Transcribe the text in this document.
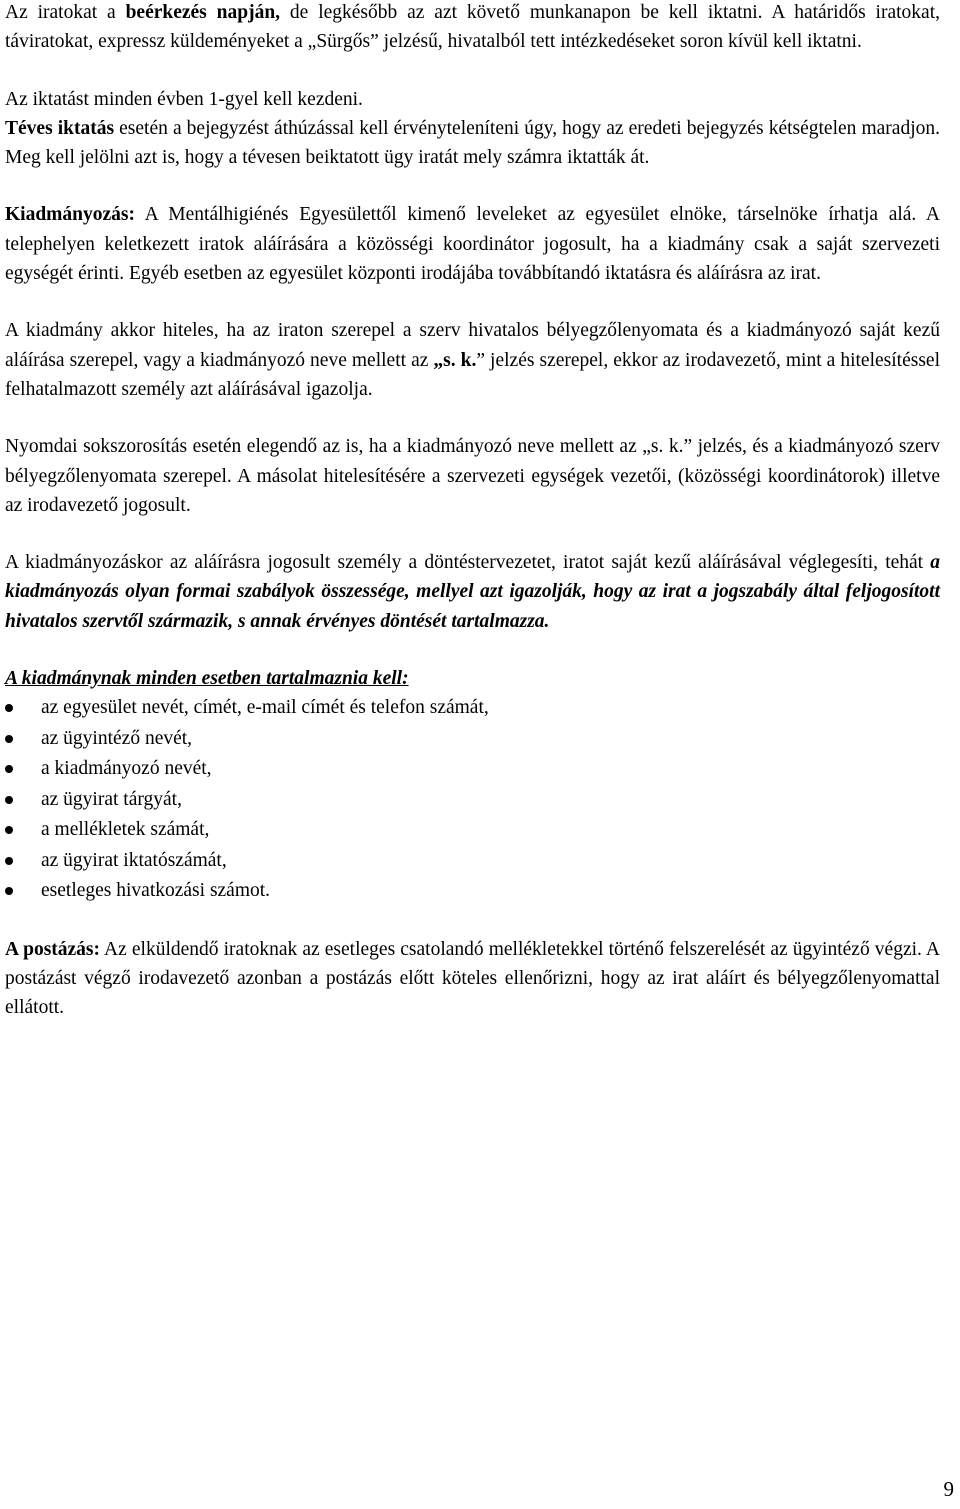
Az iratokat a beérkezés napján, de legkésőbb az azt követő munkanapon be kell iktatni. A határidős iratokat, táviratokat, expressz küldeményeket a „Sürgős” jelzésű, hivatalból tett intézkedéseket soron kívül kell iktatni.

Az iktatást minden évben 1-gyel kell kezdeni.
Téves iktatás esetén a bejegyzést áthúzással kell érvényteleníteni úgy, hogy az eredeti bejegyzés kétségtelen maradjon. Meg kell jelölni azt is, hogy a tévesen beiktatott ügy iratát mely számra iktatták át.

Kiadmányozás: A Mentálhigiénés Egyesülettől kimenő leveleket az egyesület elnöke, társelnöke írhatja alá. A telephelyen keletkezett iratok aláírására a közösségi koordinátor jogosult, ha a kiadmány csak a saját szervezeti egységét érinti. Egyéb esetben az egyesület központi irodájába továbbítandó iktatásra és aláírásra az irat.

A kiadmány akkor hiteles, ha az iraton szerepel a szerv hivatalos bélyegzőlenyomata és a kiadmányozó saját kezű aláírása szerepel, vagy a kiadmányozó neve mellett az „s. k.” jelzés szerepel, ekkor az irodavezető, mint a hitelesítéssel felhatalmazott személy azt aláírásával igazolja.

Nyomdai sokszorosítás esetén elegendő az is, ha a kiadmányozó neve mellett az „s. k.” jelzés, és a kiadmányozó szerv bélyegzőlenyomata szerepel. A másolat hitelesítésére a szervezeti egységek vezetői, (közösségi koordinátorok) illetve az irodavezető jogosult.

A kiadmányozáskor az aláírásra jogosult személy a döntéstervezetet, iratot saját kezű aláírásával véglegesíti, tehát a kiadmányozás olyan formai szabályok összessége, mellyel azt igazolják, hogy az irat a jogszabály által feljogosított hivatalos szervtől származik, s annak érvényes döntését tartalmazza.

A kiadmánynak minden esetben tartalmaznia kell:

az egyesület nevét, címét, e-mail címét és telefon számát,
az ügyintéző nevét,
a kiadmányozó nevét,
az ügyirat tárgyát,
a mellékletek számát,
az ügyirat iktatószámát,
esetleges hivatkozási számot.

A postázás: Az elküldendő iratoknak az esetleges csatolandó mellékletekkel történő felszerelését az ügyintéző végzi. A postázást végző irodavezető azonban a postázás előtt köteles ellenőrizni, hogy az irat aláírt és bélyegzőlenyomattal ellátott.

9
